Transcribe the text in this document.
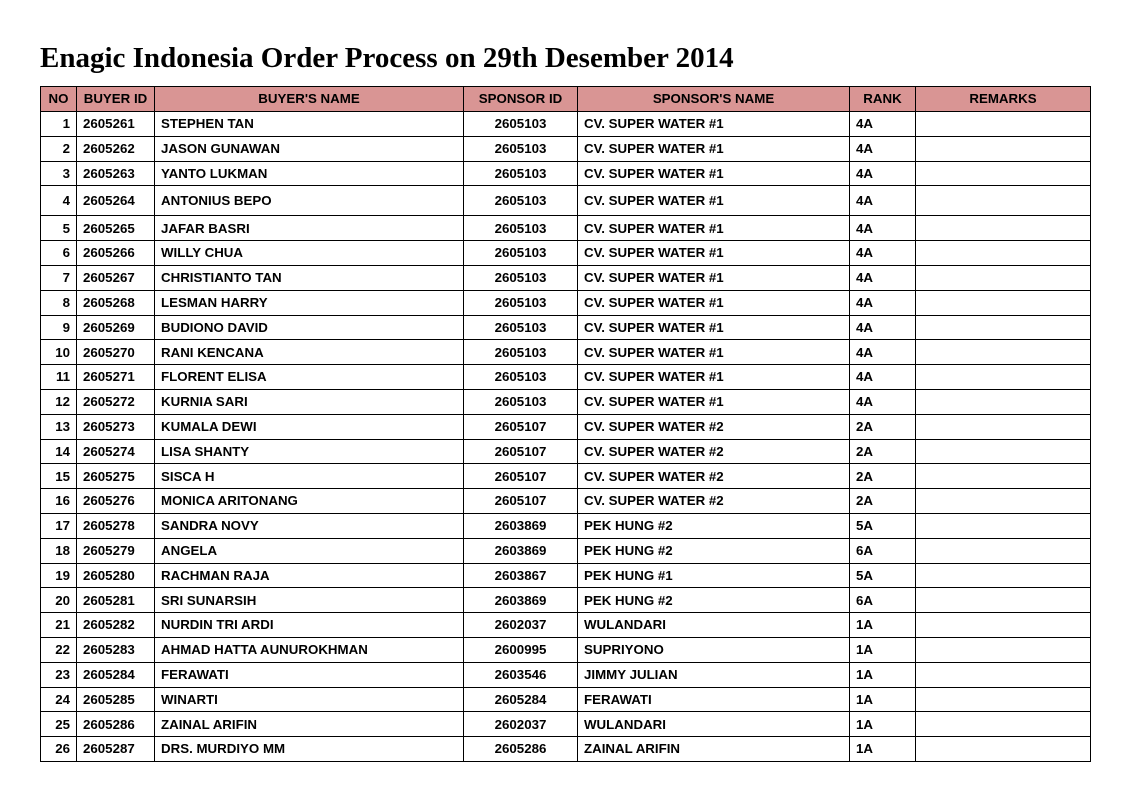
Enagic Indonesia Order Process on 29th Desember 2014
NO	BUYER ID	BUYER'S NAME	SPONSOR ID	SPONSOR'S NAME	RANK	REMARKS
1	2605261	STEPHEN TAN	2605103	CV. SUPER WATER #1	4A	
2	2605262	JASON GUNAWAN	2605103	CV. SUPER WATER #1	4A	
3	2605263	YANTO LUKMAN	2605103	CV. SUPER WATER #1	4A	
4	2605264	ANTONIUS BEPO	2605103	CV. SUPER WATER #1	4A	
5	2605265	JAFAR BASRI	2605103	CV. SUPER WATER #1	4A	
6	2605266	WILLY CHUA	2605103	CV. SUPER WATER #1	4A	
7	2605267	CHRISTIANTO TAN	2605103	CV. SUPER WATER #1	4A	
8	2605268	LESMAN HARRY	2605103	CV. SUPER WATER #1	4A	
9	2605269	BUDIONO DAVID	2605103	CV. SUPER WATER #1	4A	
10	2605270	RANI KENCANA	2605103	CV. SUPER WATER #1	4A	
11	2605271	FLORENT ELISA	2605103	CV. SUPER WATER #1	4A	
12	2605272	KURNIA SARI	2605103	CV. SUPER WATER #1	4A	
13	2605273	KUMALA DEWI	2605107	CV. SUPER WATER #2	2A	
14	2605274	LISA SHANTY	2605107	CV. SUPER WATER #2	2A	
15	2605275	SISCA H	2605107	CV. SUPER WATER #2	2A	
16	2605276	MONICA ARITONANG	2605107	CV. SUPER WATER #2	2A	
17	2605278	SANDRA NOVY	2603869	PEK HUNG #2	5A	
18	2605279	ANGELA	2603869	PEK HUNG #2	6A	
19	2605280	RACHMAN RAJA	2603867	PEK HUNG #1	5A	
20	2605281	SRI SUNARSIH	2603869	PEK HUNG #2	6A	
21	2605282	NURDIN TRI ARDI	2602037	WULANDARI	1A	
22	2605283	AHMAD HATTA AUNUROKHMAN	2600995	SUPRIYONO	1A	
23	2605284	FERAWATI	2603546	JIMMY JULIAN	1A	
24	2605285	WINARTI	2605284	FERAWATI	1A	
25	2605286	ZAINAL ARIFIN	2602037	WULANDARI	1A	
26	2605287	DRS. MURDIYO MM	2605286	ZAINAL ARIFIN	1A	
